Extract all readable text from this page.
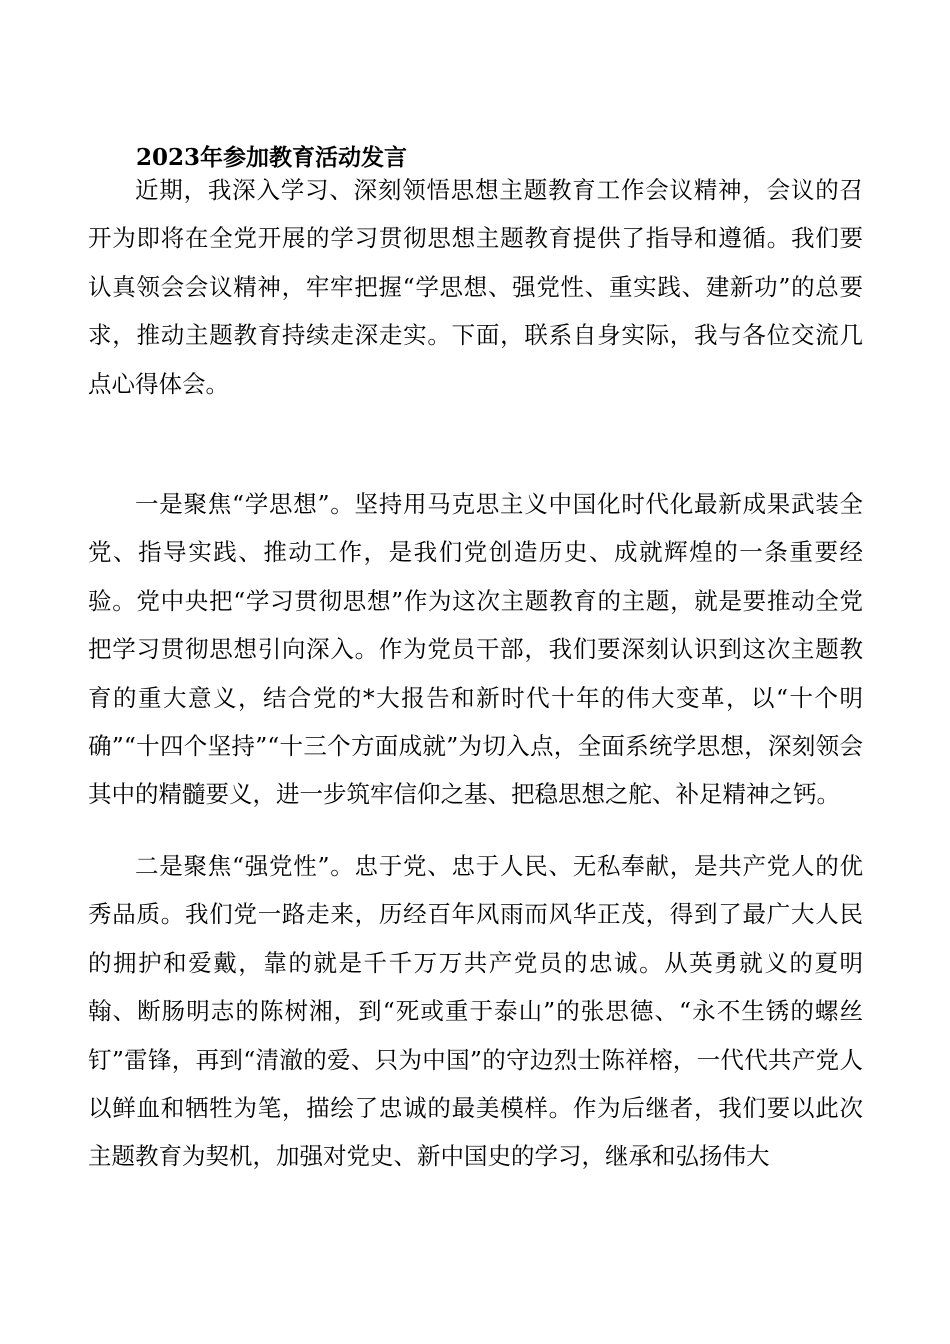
2023年参加教育活动发言

近期，我深入学习、深刻领悟思想主题教育工作会议精神，会议的召开为即将在全党开展的学习贯彻思想主题教育提供了指导和遵循。我们要认真领会会议精神，牢牢把握“学思想、强党性、重实践、建新功”的总要求，推动主题教育持续走深走实。下面，联系自身实际，我与各位交流几点心得体会。

一是聚焦“学思想”。坚持用马克思主义中国化时代化最新成果武装全党、指导实践、推动工作，是我们党创造历史、成就辉煌的一条重要经验。党中央把“学习贯彻思想”作为这次主题教育的主题，就是要推动全党把学习贯彻思想引向深入。作为党员干部，我们要深刻认识到这次主题教育的重大意义，结合党的*大报告和新时代十年的伟大变革，以“十个明确”“十四个坚持”“十三个方面成就”为切入点，全面系统学思想，深刻领会其中的精髓要义，进一步筑牢信仰之基、把稳思想之舵、补足精神之钙。

二是聚焦“强党性”。忠于党、忠于人民、无私奉献，是共产党人的优秀品质。我们党一路走来，历经百年风雨而风华正茂，得到了最广大人民的拥护和爱戴，靠的就是千千万万共产党员的忠诚。从英勇就义的夏明翰、断肠明志的陈树湘，到“死或重于泰山”的张思德、“永不生锈的螺丝钉”雷锋，再到“清澈的爱、只为中国”的守边烈士陈祥榕，一代代共产党人以鲜血和牺牲为笔，描绘了忠诚的最美模样。作为后继者，我们要以此次主题教育为契机，加强对党史、新中国史的学习，继承和弘扬伟大
